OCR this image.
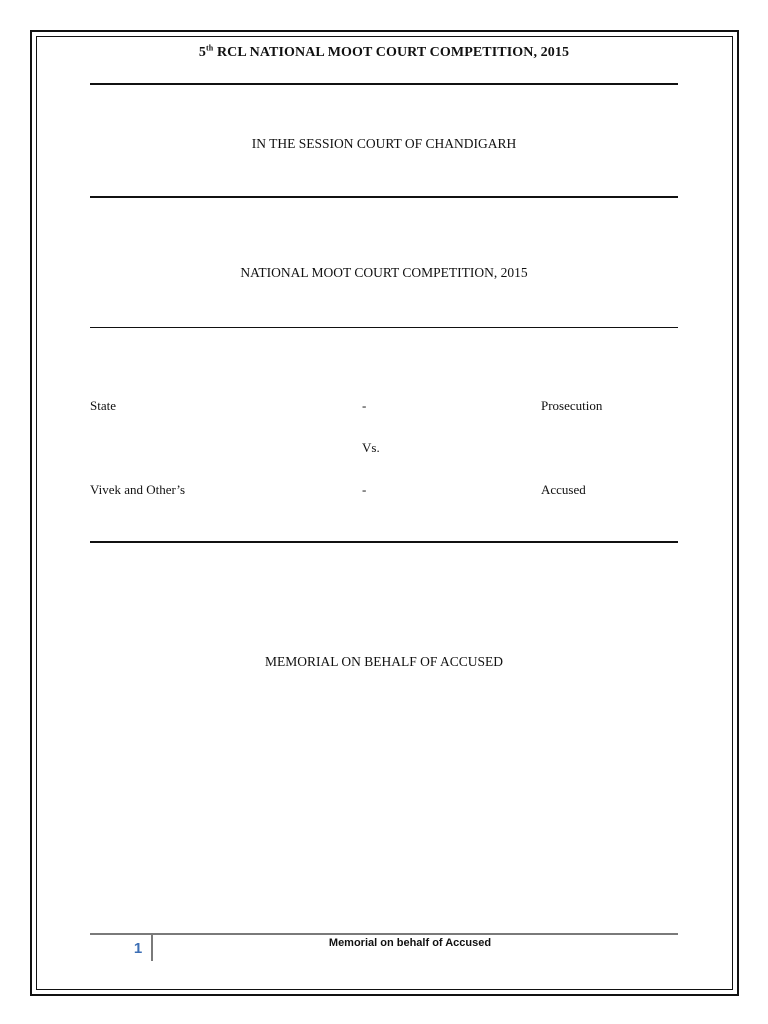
5th RCL NATIONAL MOOT COURT COMPETITION, 2015
IN THE SESSION COURT OF CHANDIGARH
NATIONAL MOOT COURT COMPETITION, 2015
State	-	Prosecution
Vs.
Vivek and Other’s	-	Accused
MEMORIAL ON BEHALF OF ACCUSED
1	Memorial on behalf of Accused
